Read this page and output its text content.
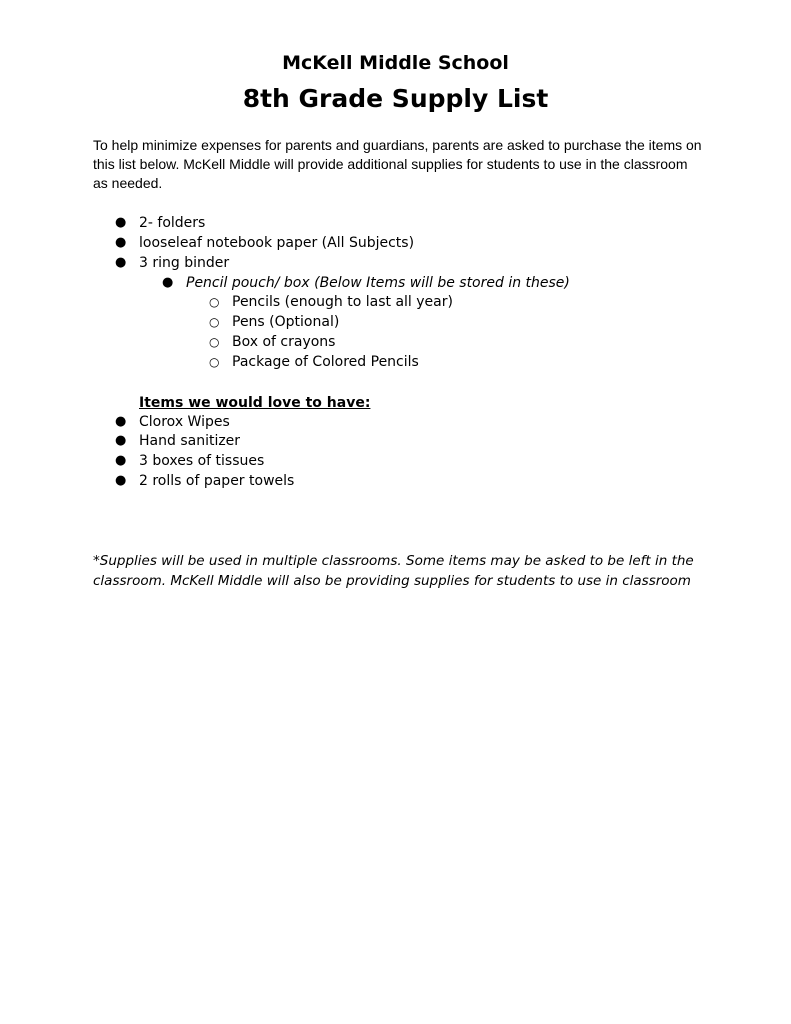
McKell Middle School
8th Grade Supply List
To help minimize expenses for parents and guardians, parents are asked to purchase the items on this list below. McKell Middle will provide additional supplies for students to use in the classroom as needed.
● 2- folders
● looseleaf notebook paper (All Subjects)
● 3 ring binder
● Pencil pouch/ box (Below Items will be stored in these)
○ Pencils (enough to last all year)
○ Pens (Optional)
○ Box of crayons
○ Package of Colored Pencils
Items we would love to have:
● Clorox Wipes
● Hand sanitizer
● 3 boxes of tissues
● 2 rolls of paper towels
*Supplies will be used in multiple classrooms. Some items may be asked to be left in the classroom. McKell Middle will also be providing supplies for students to use in classroom
